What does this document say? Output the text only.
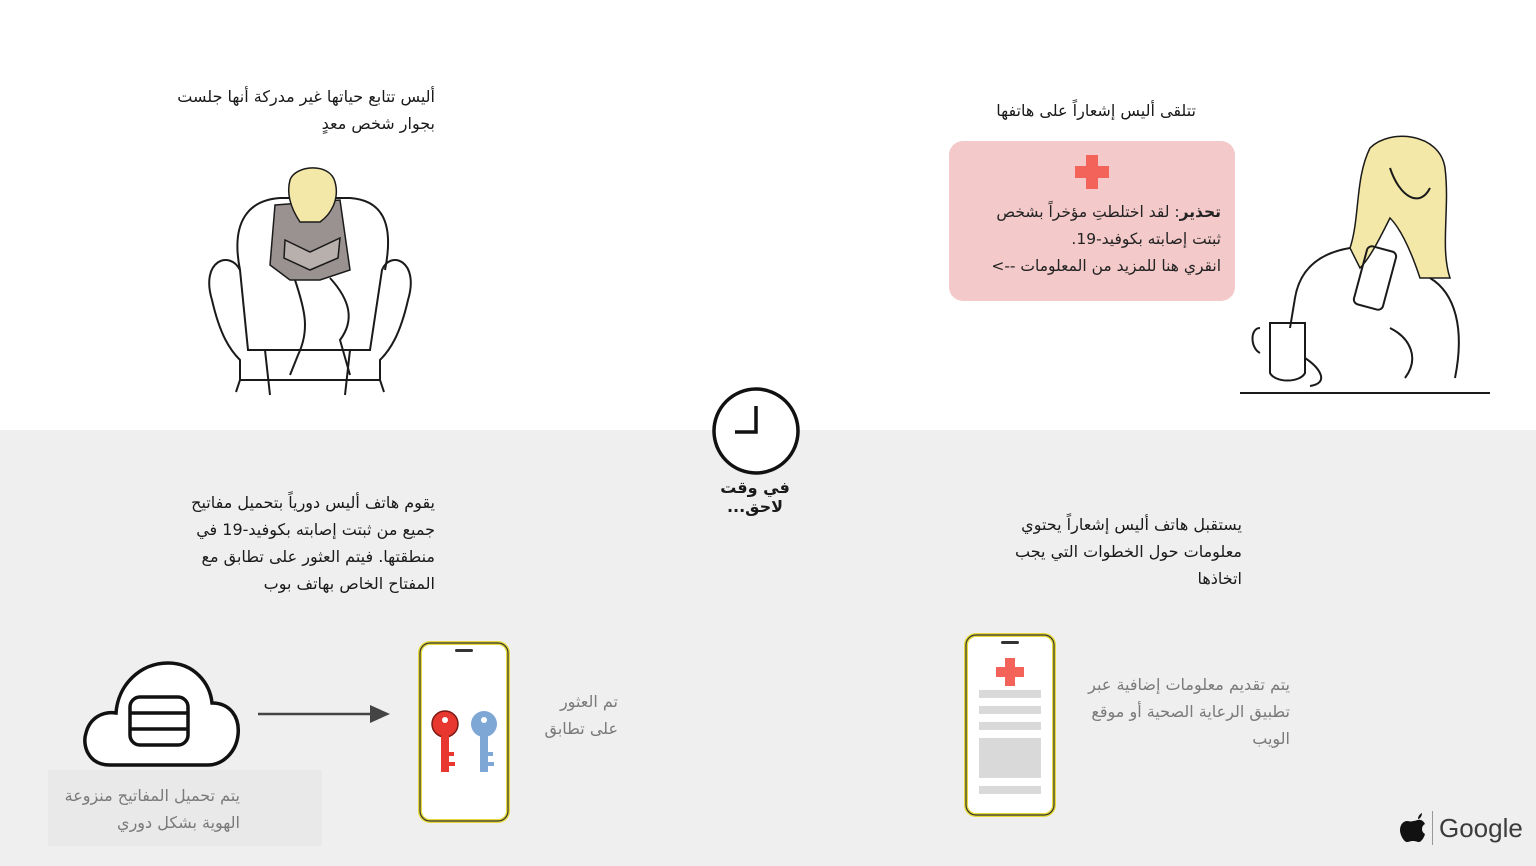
أليس تتابع حياتها غير مدركة أنها جلست
بجوار شخص معدٍ
تتلقى أليس إشعاراً على هاتفها
تحذير: لقد اختلطتِ مؤخراً بشخص
ثبتت إصابته بكوفيد-19.
انقري هنا للمزيد من المعلومات -->
في وقت لاحق...
يقوم هاتف أليس دورياً بتحميل مفاتيح
جميع من ثبتت إصابته بكوفيد-19 في
منطقتها. فيتم العثور على تطابق مع
المفتاح الخاص بهاتف بوب
يتم تحميل المفاتيح منزوعة
الهوية بشكل دوري
تم العثور
على تطابق
يستقبل هاتف أليس إشعاراً يحتوي
معلومات حول الخطوات التي يجب
اتخاذها
يتم تقديم معلومات إضافية عبر
تطبيق الرعاية الصحية أو موقع
الويب
Google
